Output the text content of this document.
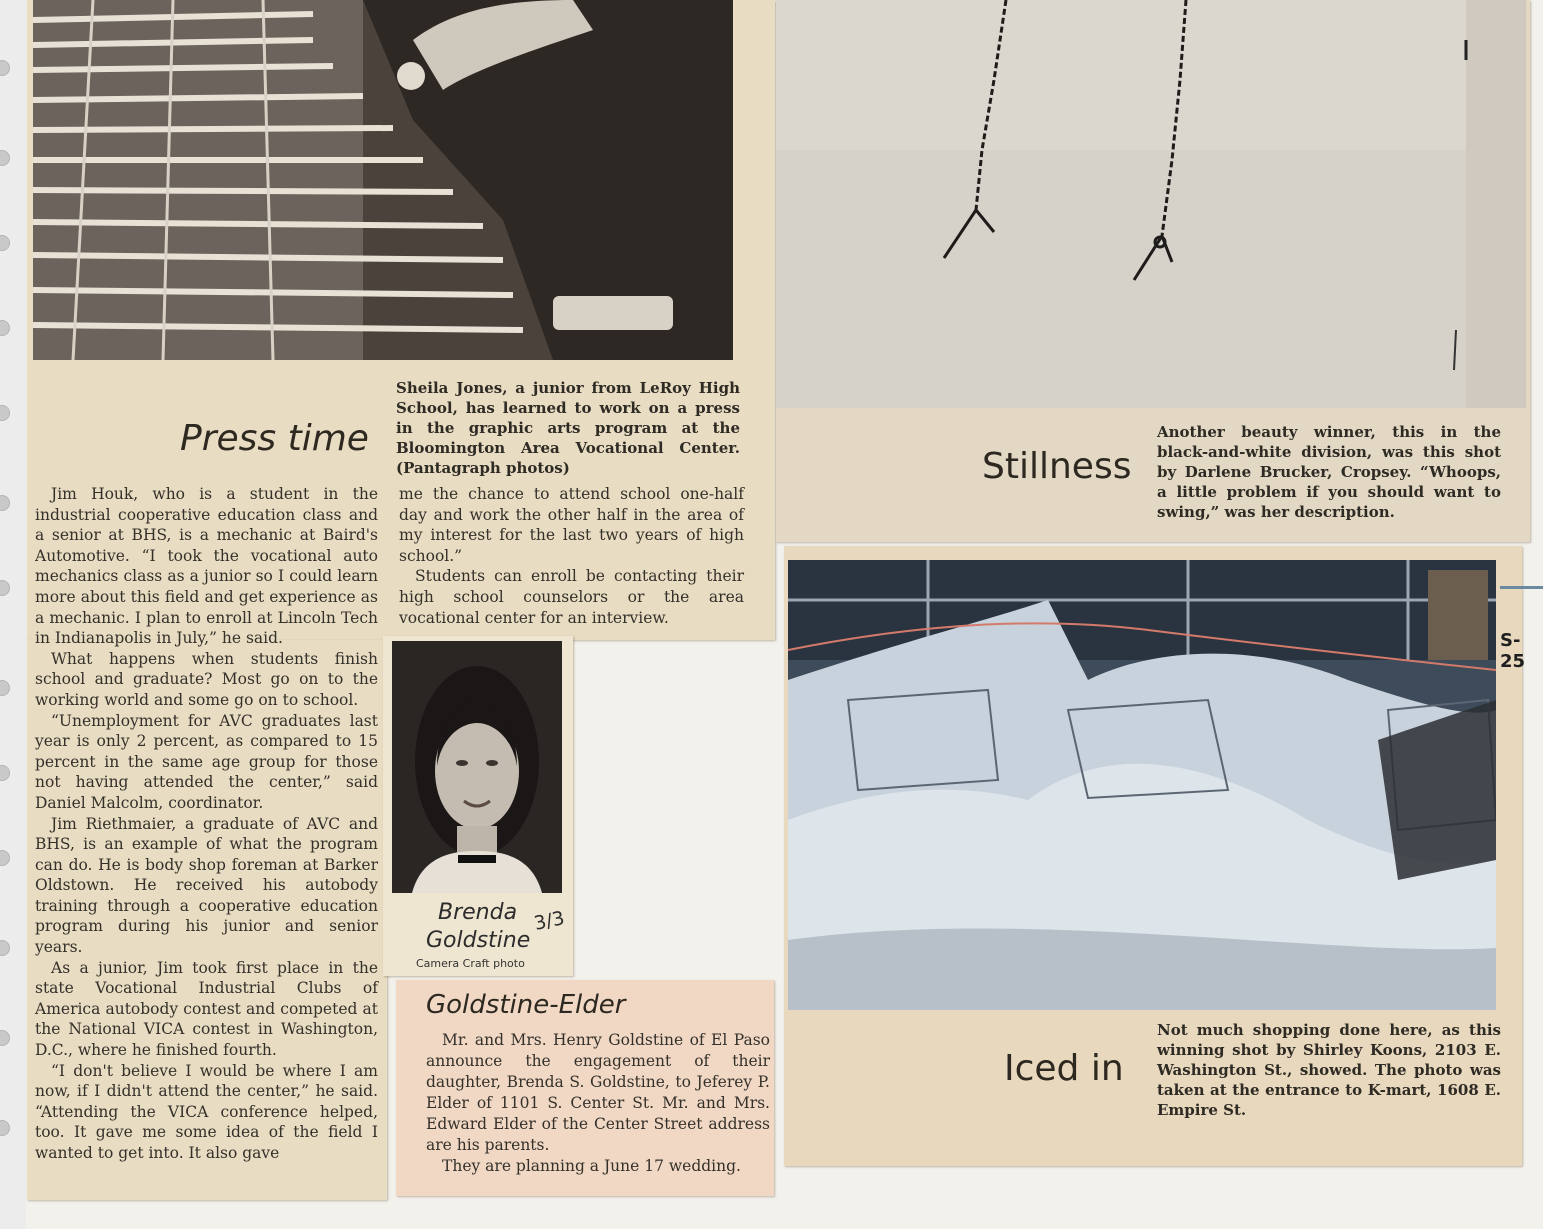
Press time
Sheila Jones, a junior from LeRoy High School, has learned to work on a press in the graphic arts program at the Bloomington Area Vocational Center. (Pantagraph photos)

Jim Houk, who is a student in the industrial cooperative education class and a senior at BHS, is a mechanic at Baird's Automotive. “I took the vocational auto mechanics class as a junior so I could learn more about this field and get experience as a mechanic. I plan to enroll at Lincoln Tech in Indianapolis in July,” he said.

What happens when students finish school and graduate? Most go on to the working world and some go on to school.

“Unemployment for AVC graduates last year is only 2 percent, as compared to 15 percent in the same age group for those not having attended the center,” said Daniel Malcolm, coordinator.

Jim Riethmaier, a graduate of AVC and BHS, is an example of what the program can do. He is body shop foreman at Barker Oldstown. He received his autobody training through a cooperative education program during his junior and senior years.

As a junior, Jim took first place in the state Vocational Industrial Clubs of America autobody contest and competed at the National VICA contest in Washington, D.C., where he finished fourth.

“I don't believe I would be where I am now, if I didn't attend the center,” he said. “Attending the VICA conference helped, too. It gave me some idea of the field I wanted to get into. It also gave

me the chance to attend school one-half day and work the other half in the area of my interest for the last two years of high school.”

Students can enroll be contacting their high school counselors or the area vocational center for an interview.

Brenda
Goldstine
3/3
Camera Craft photo
Goldstine-Elder

Mr. and Mrs. Henry Goldstine of El Paso announce the engagement of their daughter, Brenda S. Goldstine, to Jeferey P. Elder of 1101 S. Center St. Mr. and Mrs. Edward Elder of the Center Street address are his parents.

They are planning a June 17 wedding.

Stillness
Another beauty winner, this in the black-and-white division, was this shot by Darlene Brucker, Cropsey. “Whoops, a little problem if you should want to swing,” was her description.
Iced in
Not much shopping done here, as this winning shot by Shirley Koons, 2103 E. Washington St., showed. The photo was taken at the entrance to K-mart, 1608 E. Empire St.
S-25
